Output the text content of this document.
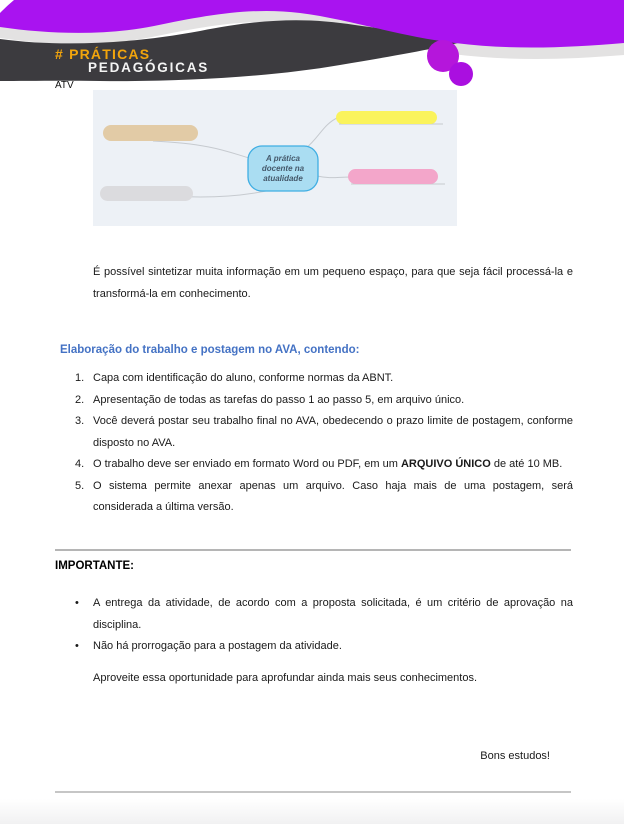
# PRÁTICAS
PEDAGÓGICAS
ATV
A prática
docente na
atualidade
É possível sintetizar muita informação em um pequeno espaço, para que seja fácil processá-la e transformá-la em conhecimento.
Elaboração do trabalho e postagem no AVA, contendo:
1. Capa com identificação do aluno, conforme normas da ABNT.
2. Apresentação de todas as tarefas do passo 1 ao passo 5, em arquivo único.
3. Você deverá postar seu trabalho final no AVA, obedecendo o prazo limite de postagem, conforme disposto no AVA.
4. O trabalho deve ser enviado em formato Word ou PDF, em um ARQUIVO ÚNICO de até 10 MB.
5. O sistema permite anexar apenas um arquivo. Caso haja mais de uma postagem, será considerada a última versão.
IMPORTANTE:
•	A entrega da atividade, de acordo com a proposta solicitada, é um critério de aprovação na disciplina.
•	Não há prorrogação para a postagem da atividade.
Aproveite essa oportunidade para aprofundar ainda mais seus conhecimentos.
Bons estudos!
